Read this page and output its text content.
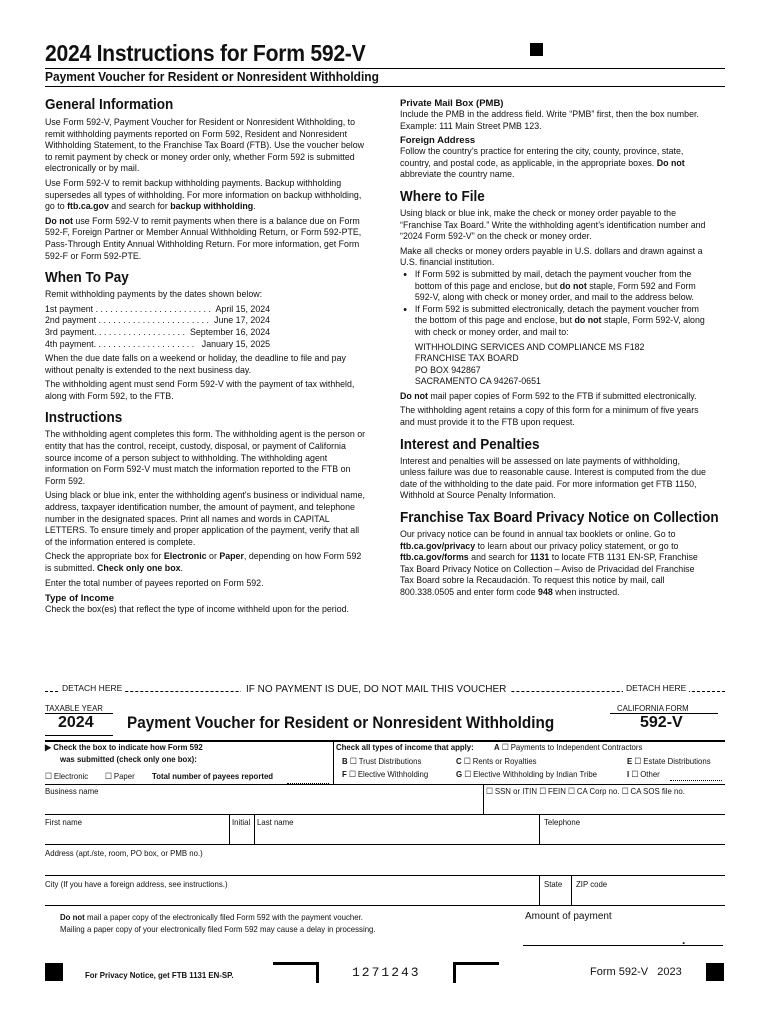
2024 Instructions for Form 592-V
Payment Voucher for Resident or Nonresident Withholding
General Information
Use Form 592-V, Payment Voucher for Resident or Nonresident Withholding, to remit withholding payments reported on Form 592, Resident and Nonresident Withholding Statement, to the Franchise Tax Board (FTB). Use the voucher below to remit payment by check or money order only, whether Form 592 is submitted electronically or by mail.
Use Form 592-V to remit backup withholding payments. Backup withholding supersedes all types of withholding. For more information on backup withholding, go to ftb.ca.gov and search for backup withholding.
Do not use Form 592-V to remit payments when there is a balance due on Form 592-F, Foreign Partner or Member Annual Withholding Return, or Form 592-PTE, Pass-Through Entity Annual Withholding Return. For more information, get Form 592-F or Form 592-PTE.
When To Pay
Remit withholding payments by the dates shown below:
1st payment . . . . . . . . . . . . . . . . . . . . . . . . April 15, 2024
2nd payment . . . . . . . . . . . . . . . . . . . . . . . June 17, 2024
3rd payment. . . . . . . . . . . . . . . . . . . September 16, 2024
4th payment. . . . . . . . . . . . . . . . . . . . . January 15, 2025
When the due date falls on a weekend or holiday, the deadline to file and pay without penalty is extended to the next business day.
The withholding agent must send Form 592-V with the payment of tax withheld, along with Form 592, to the FTB.
Instructions
The withholding agent completes this form. The withholding agent is the person or entity that has the control, receipt, custody, disposal, or payment of California source income of a person subject to withholding. The withholding agent information on Form 592-V must match the information reported to the FTB on Form 592.
Using black or blue ink, enter the withholding agent's business or individual name, address, taxpayer identification number, the amount of payment, and telephone number in the designated spaces. Print all names and words in CAPITAL LETTERS. To ensure timely and proper application of the payment, verify that all of the information entered is complete.
Check the appropriate box for Electronic or Paper, depending on how Form 592 is submitted. Check only one box.
Enter the total number of payees reported on Form 592.
Type of Income
Check the box(es) that reflect the type of income withheld upon for the period.
Private Mail Box (PMB)
Include the PMB in the address field. Write “PMB” first, then the box number. Example: 111 Main Street PMB 123.
Foreign Address
Follow the country’s practice for entering the city, county, province, state, country, and postal code, as applicable, in the appropriate boxes. Do not abbreviate the country name.
Where to File
Using black or blue ink, make the check or money order payable to the “Franchise Tax Board.” Write the withholding agent’s identification number and “2024 Form 592-V” on the check or money order.
Make all checks or money orders payable in U.S. dollars and drawn against a U.S. financial institution.
• If Form 592 is submitted by mail, detach the payment voucher from the bottom of this page and enclose, but do not staple, Form 592 and Form 592-V, along with check or money order, and mail to the address below.
• If Form 592 is submitted electronically, detach the payment voucher from the bottom of this page and enclose, but do not staple, Form 592-V, along with check or money order, and mail to:
WITHHOLDING SERVICES AND COMPLIANCE MS F182
FRANCHISE TAX BOARD
PO BOX 942867
SACRAMENTO CA 94267-0651
Do not mail paper copies of Form 592 to the FTB if submitted electronically.
The withholding agent retains a copy of this form for a minimum of five years and must provide it to the FTB upon request.
Interest and Penalties
Interest and penalties will be assessed on late payments of withholding, unless failure was due to reasonable cause. Interest is computed from the due date of the withholding to the date paid. For more information get FTB 1150, Withhold at Source Penalty Information.
Franchise Tax Board Privacy Notice on Collection
Our privacy notice can be found in annual tax booklets or online. Go to ftb.ca.gov/privacy to learn about our privacy policy statement, or go to ftb.ca.gov/forms and search for 1131 to locate FTB 1131 EN-SP, Franchise Tax Board Privacy Notice on Collection – Aviso de Privacidad del Franchise Tax Board sobre la Recaudación. To request this notice by mail, call 800.338.0505 and enter form code 948 when instructed.
DETACH HERE	IF NO PAYMENT IS DUE, DO NOT MAIL THIS VOUCHER	DETACH HERE
TAXABLE YEAR
2024 Payment Voucher for Resident or Nonresident Withholding
CALIFORNIA FORM
592-V
▶ Check the box to indicate how Form 592
was submitted (check only one box):
☐ Electronic	☐ Paper Total number of payees reported
Check all types of income that apply: A ☐ Payments to Independent Contractors
B ☐ Trust Distributions	C ☐ Rents or Royalties	E ☐ Estate Distributions
F ☐ Elective Withholding	G ☐ Elective Withholding by Indian Tribe	I ☐ Other
Business name	☐ SSN or ITIN ☐ FEIN ☐ CA Corp no. ☐ CA SOS file no.
First name	Initial Last name	Telephone
Address (apt./ste, room, PO box, or PMB no.)
City (If you have a foreign address, see instructions.)	State ZIP code
Do not mail a paper copy of the electronically filed Form 592 with the payment voucher.
Mailing a paper copy of your electronically filed Form 592 may cause a delay in processing.
Amount of payment
.
For Privacy Notice, get FTB 1131 EN-SP.	1271243	Form 592-V 2023
